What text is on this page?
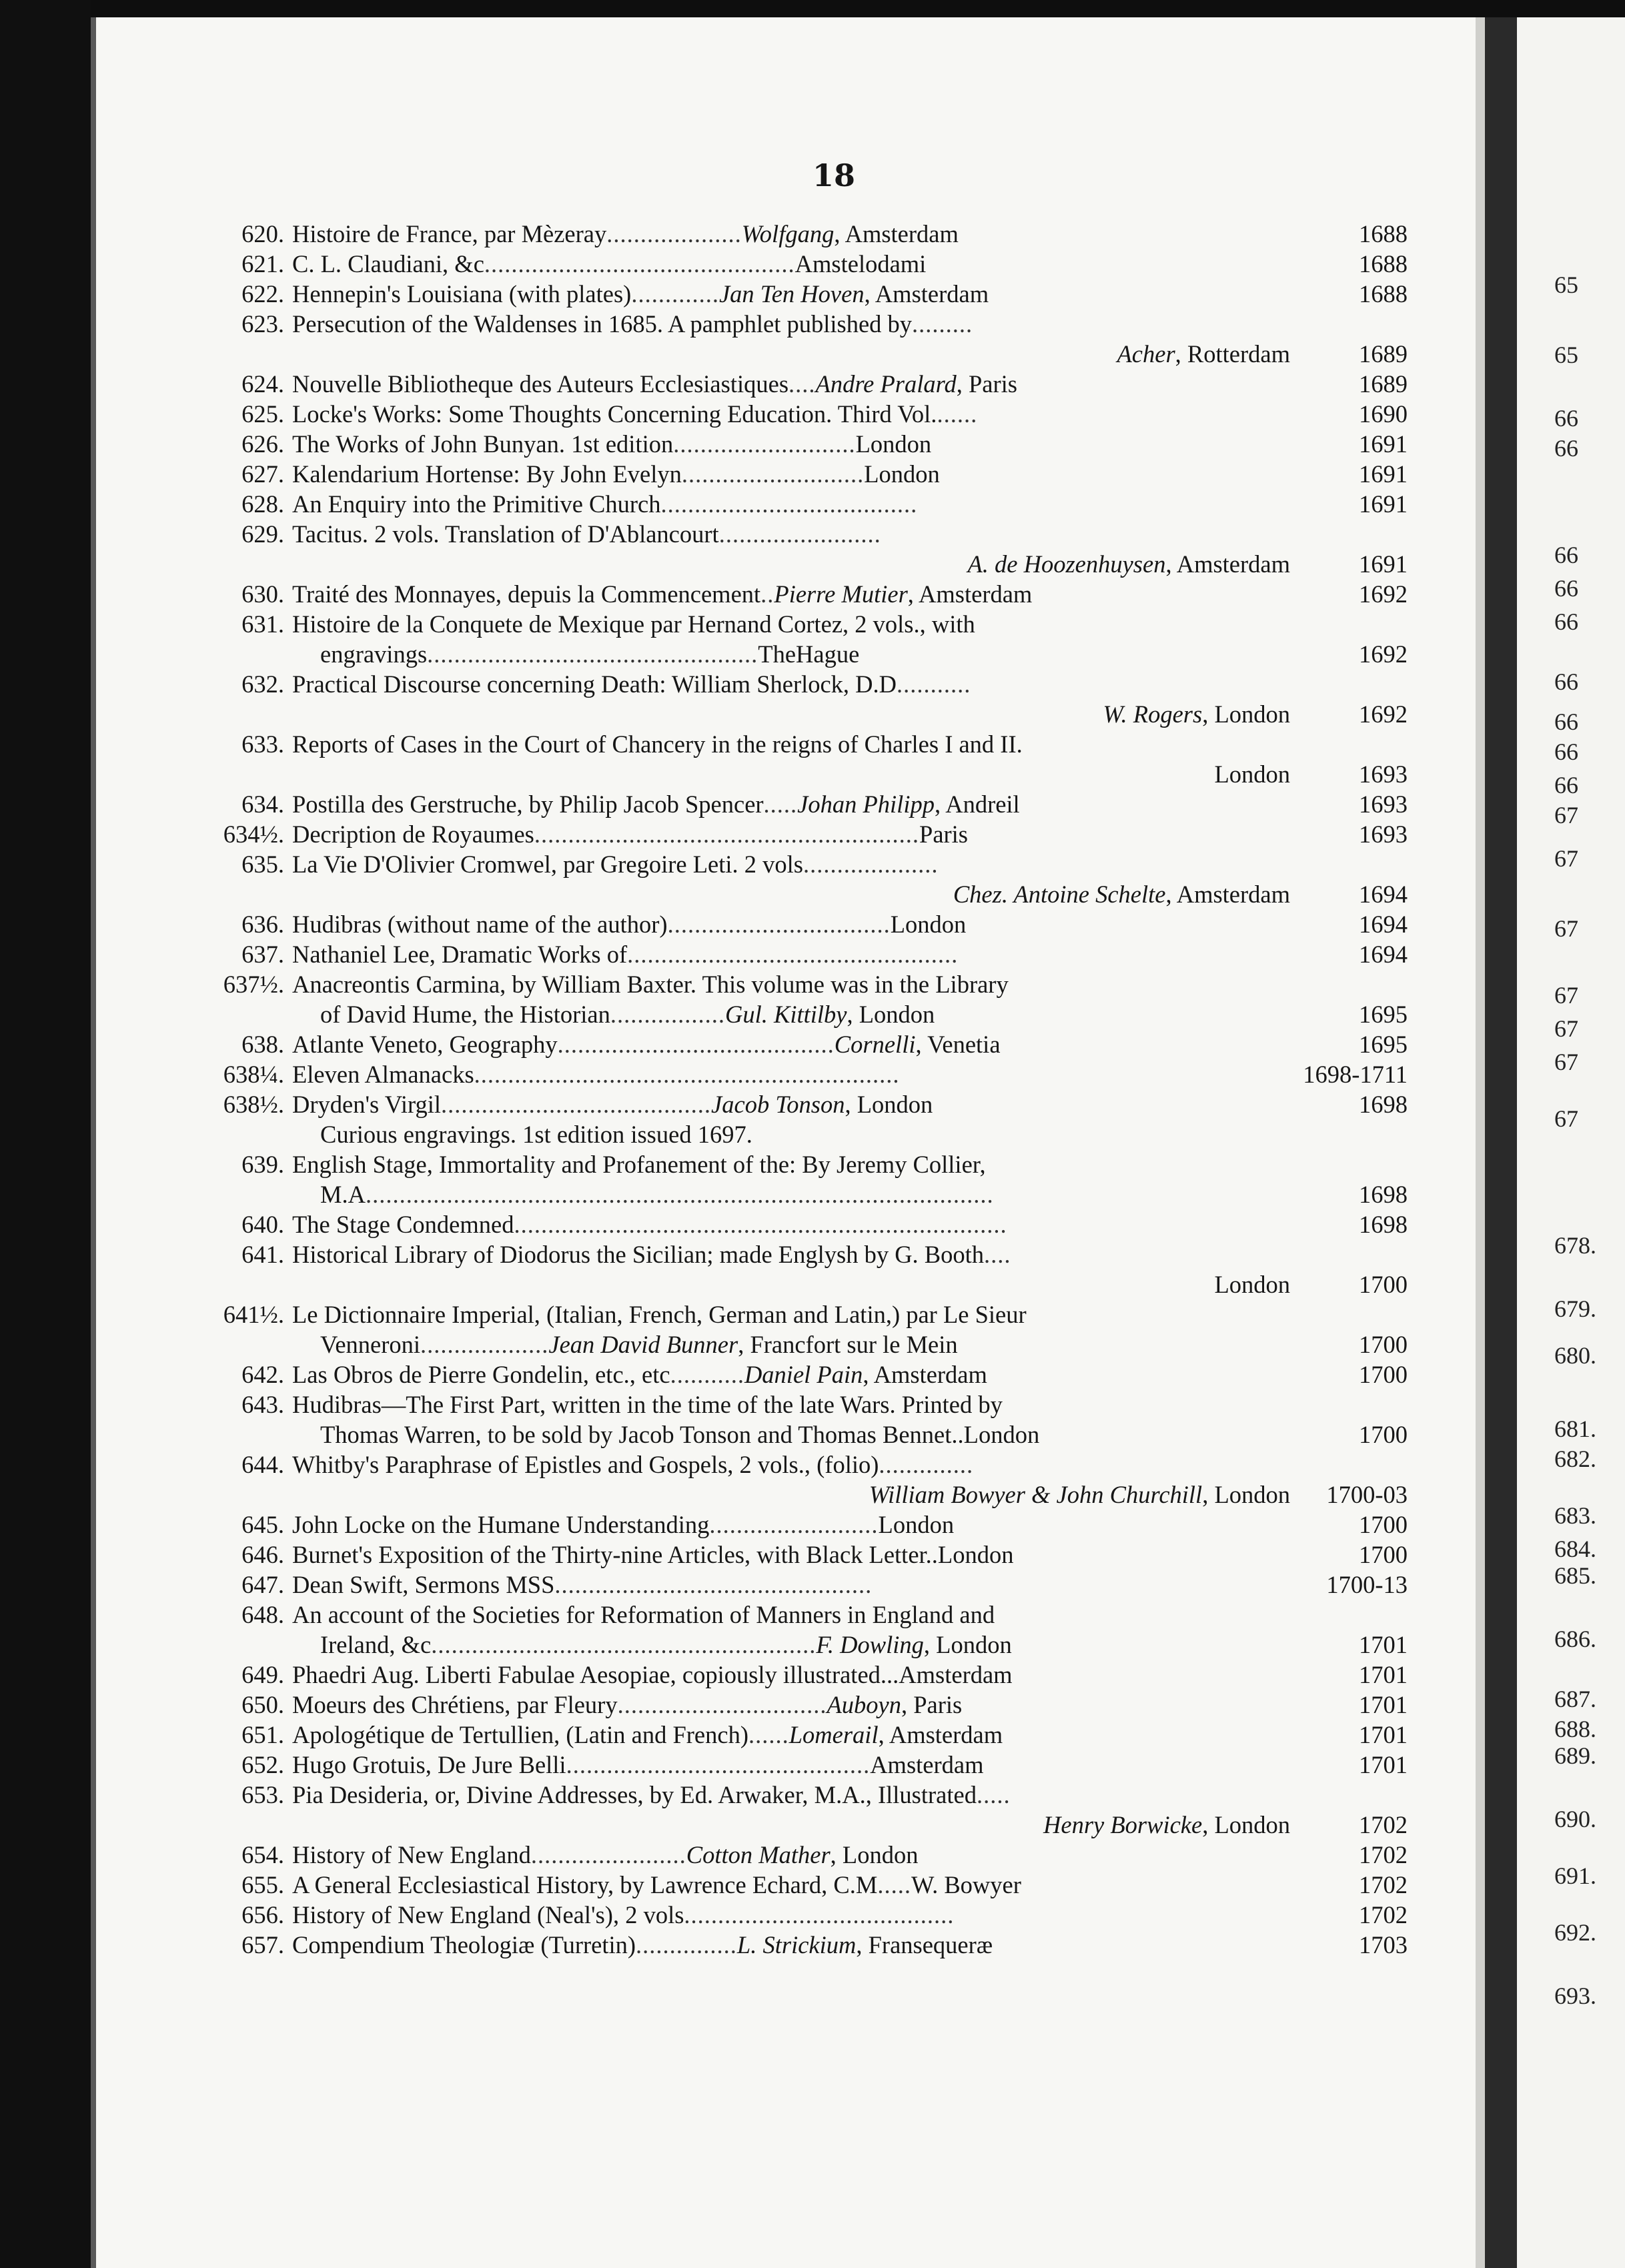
65
65
66
66
66
66
66
66
66
66
66
67
67
67
67
67
67
67
678.
679.
680.
681.
682.
683.
684.
685.
686.
687.
688.
689.
690.
691.
692.
693.
18
620. Histoire de France, par Mèzeray....................Wolfgang, Amsterdam	1688
621. C. L. Claudiani, &c..............................................Amstelodami	1688
622. Hennepin's Louisiana (with plates).............Jan Ten Hoven, Amsterdam	1688
623. Persecution of the Waldenses in 1685. A pamphlet published by.........
Acher, Rotterdam	1689
624. Nouvelle Bibliotheque des Auteurs Ecclesiastiques....Andre Pralard, Paris	1689
625. Locke's Works: Some Thoughts Concerning Education. Third Vol.......	1690
626. The Works of John Bunyan. 1st edition...........................London	1691
627. Kalendarium Hortense: By John Evelyn...........................London	1691
628. An Enquiry into the Primitive Church......................................	1691
629. Tacitus. 2 vols. Translation of D'Ablancourt........................
A. de Hoozenhuysen, Amsterdam	1691
630. Traité des Monnayes, depuis la Commencement..Pierre Mutier, Amsterdam	1692
631. Histoire de la Conquete de Mexique par Hernand Cortez, 2 vols., with
engravings.................................................TheHague	1692
632. Practical Discourse concerning Death: William Sherlock, D.D...........
W. Rogers, London	1692
633. Reports of Cases in the Court of Chancery in the reigns of Charles I and II.
London	1693
634. Postilla des Gerstruche, by Philip Jacob Spencer.....Johan Philipp, Andreil	1693
634½. Decription de Royaumes.........................................................Paris	1693
635. La Vie D'Olivier Cromwel, par Gregoire Leti. 2 vols....................
Chez. Antoine Schelte, Amsterdam	1694
636. Hudibras (without name of the author).................................London	1694
637. Nathaniel Lee, Dramatic Works of.................................................	1694
637½. Anacreontis Carmina, by William Baxter. This volume was in the Library
of David Hume, the Historian.................Gul. Kittilby, London	1695
638. Atlante Veneto, Geography.........................................Cornelli, Venetia	1695
638¼. Eleven Almanacks...............................................................	1698-1711
638½. Dryden's Virgil........................................Jacob Tonson, London	1698
Curious engravings. 1st edition issued 1697.
639. English Stage, Immortality and Profanement of the: By Jeremy Collier,
M.A.............................................................................................	1698
640. The Stage Condemned.........................................................................	1698
641. Historical Library of Diodorus the Sicilian; made Englysh by G. Booth....
London	1700
641½. Le Dictionnaire Imperial, (Italian, French, German and Latin,) par Le Sieur
Venneroni...................Jean David Bunner, Francfort sur le Mein	1700
642. Las Obros de Pierre Gondelin, etc., etc...........Daniel Pain, Amsterdam	1700
643. Hudibras—The First Part, written in the time of the late Wars. Printed by
Thomas Warren, to be sold by Jacob Tonson and Thomas Bennet..London	1700
644. Whitby's Paraphrase of Epistles and Gospels, 2 vols., (folio)..............
William Bowyer & John Churchill, London	1700-03
645. John Locke on the Humane Understanding.........................London	1700
646. Burnet's Exposition of the Thirty-nine Articles, with Black Letter..London	1700
647. Dean Swift, Sermons MSS...............................................	1700-13
648. An account of the Societies for Reformation of Manners in England and
Ireland, &c.........................................................F. Dowling, London	1701
649. Phaedri Aug. Liberti Fabulae Aesopiae, copiously illustrated...Amsterdam	1701
650. Moeurs des Chrétiens, par Fleury...............................Auboyn, Paris	1701
651. Apologétique de Tertullien, (Latin and French)......Lomerail, Amsterdam	1701
652. Hugo Grotuis, De Jure Belli.............................................Amsterdam	1701
653. Pia Desideria, or, Divine Addresses, by Ed. Arwaker, M.A., Illustrated.....
Henry Borwicke, London	1702
654. History of New England.......................Cotton Mather, London	1702
655. A General Ecclesiastical History, by Lawrence Echard, C.M.....W. Bowyer	1702
656. History of New England (Neal's), 2 vols........................................	1702
657. Compendium Theologiæ (Turretin)...............L. Strickium, Fransequeræ	1703
